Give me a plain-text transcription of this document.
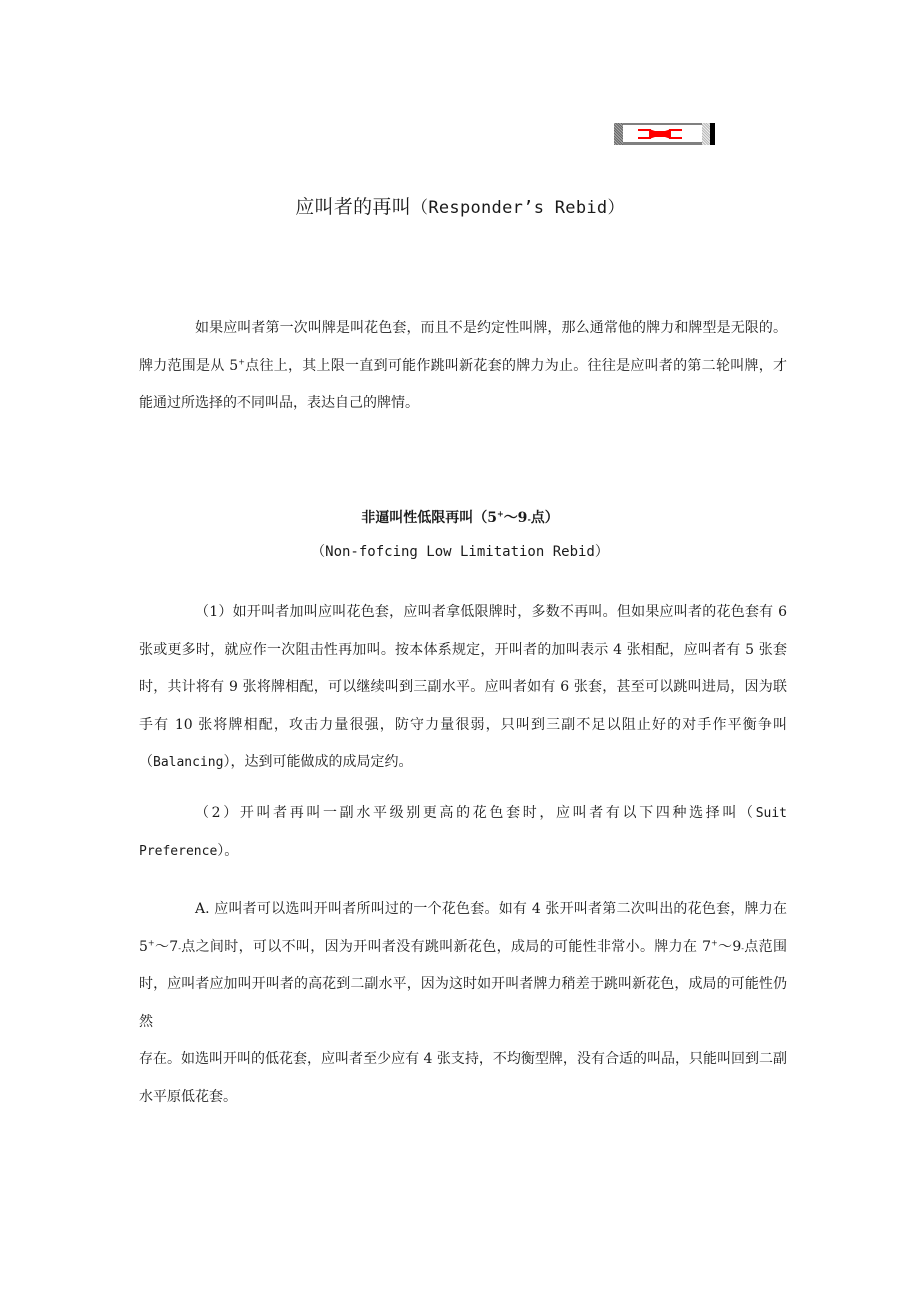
应叫者的再叫（Responder’s Rebid）
如果应叫者第一次叫牌是叫花色套，而且不是约定性叫牌，那么通常他的牌力和牌型是无限的。牌力范围是从 5+点往上，其上限一直到可能作跳叫新花套的牌力为止。往往是应叫者的第二轮叫牌，才能通过所选择的不同叫品，表达自己的牌情。
非逼叫性低限再叫（5+～9-点）
（Non-fofcing Low Limitation Rebid）
（1）如开叫者加叫应叫花色套，应叫者拿低限牌时，多数不再叫。但如果应叫者的花色套有 6 张或更多时，就应作一次阻击性再加叫。按本体系规定，开叫者的加叫表示 4 张相配，应叫者有 5 张套时，共计将有 9 张将牌相配，可以继续叫到三副水平。应叫者如有 6 张套，甚至可以跳叫进局，因为联手有 10 张将牌相配，攻击力量很强，防守力量很弱，只叫到三副不足以阻止好的对手作平衡争叫（Balancing），达到可能做成的成局定约。
（2）开叫者再叫一副水平级别更高的花色套时，应叫者有以下四种选择叫（Suit Preference）。
A. 应叫者可以选叫开叫者所叫过的一个花色套。如有 4 张开叫者第二次叫出的花色套，牌力在 5+～7-点之间时，可以不叫，因为开叫者没有跳叫新花色，成局的可能性非常小。牌力在 7+～9-点范围时，应叫者应加叫开叫者的高花到二副水平，因为这时如开叫者牌力稍差于跳叫新花色，成局的可能性仍然
存在。如选叫开叫的低花套，应叫者至少应有 4 张支持，不均衡型牌，没有合适的叫品，只能叫回到二副水平原低花套。
